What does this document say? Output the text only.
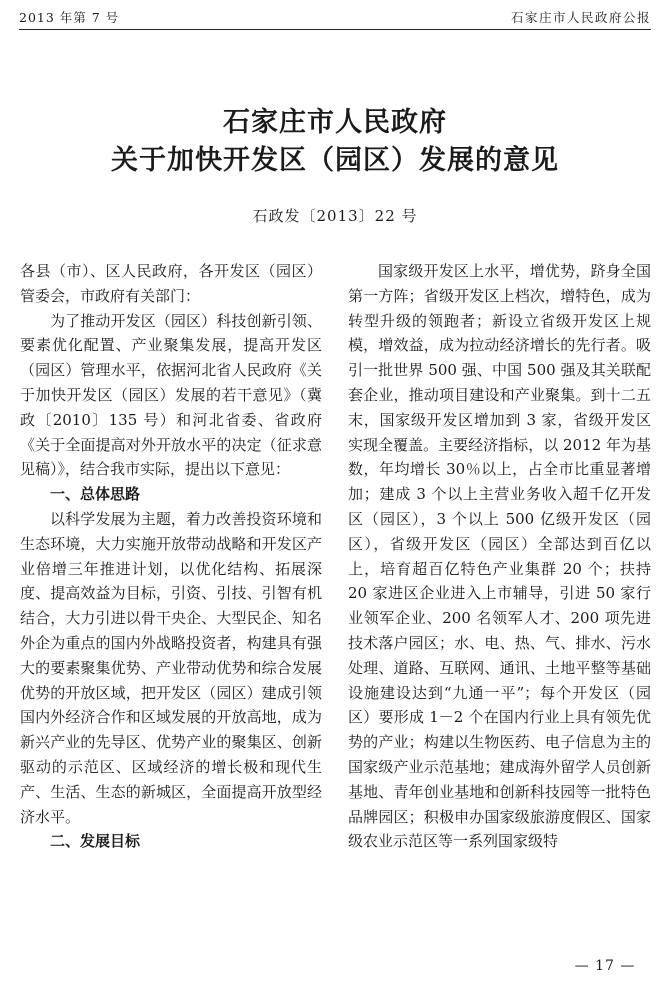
2013 年第 7 号	石家庄市人民政府公报
石家庄市人民政府
关于加快开发区（园区）发展的意见
石政发〔2013〕22 号

各县（市）、区人民政府，各开发区（园区）管委会，市政府有关部门：

为了推动开发区（园区）科技创新引领、要素优化配置、产业聚集发展，提高开发区（园区）管理水平，依据河北省人民政府《关于加快开发区（园区）发展的若干意见》（冀政〔2010〕135 号）和河北省委、省政府《关于全面提高对外开放水平的决定（征求意见稿）》，结合我市实际，提出以下意见：

一、总体思路

以科学发展为主题，着力改善投资环境和生态环境，大力实施开放带动战略和开发区产业倍增三年推进计划，以优化结构、拓展深度、提高效益为目标，引资、引技、引智有机结合，大力引进以骨干央企、大型民企、知名外企为重点的国内外战略投资者，构建具有强大的要素聚集优势、产业带动优势和综合发展优势的开放区域，把开发区（园区）建成引领国内外经济合作和区域发展的开放高地，成为新兴产业的先导区、优势产业的聚集区、创新驱动的示范区、区域经济的增长极和现代生产、生活、生态的新城区，全面提高开放型经济水平。

二、发展目标

国家级开发区上水平，增优势，跻身全国第一方阵；省级开发区上档次，增特色，成为转型升级的领跑者；新设立省级开发区上规模，增效益，成为拉动经济增长的先行者。吸引一批世界 500 强、中国 500 强及其关联配套企业，推动项目建设和产业聚集。到十二五末，国家级开发区增加到 3 家，省级开发区实现全覆盖。主要经济指标，以 2012 年为基数，年均增长 30％以上，占全市比重显著增加；建成 3 个以上主营业务收入超千亿开发区（园区），3 个以上 500 亿级开发区（园区），省级开发区（园区）全部达到百亿以上，培育超百亿特色产业集群 20 个；扶持 20 家进区企业进入上市辅导，引进 50 家行业领军企业、200 名领军人才、200 项先进技术落户园区；水、电、热、气、排水、污水处理、道路、互联网、通讯、土地平整等基础设施建设达到“九通一平”；每个开发区（园区）要形成 1－2 个在国内行业上具有领先优势的产业；构建以生物医药、电子信息为主的国家级产业示范基地；建成海外留学人员创新基地、青年创业基地和创新科技园等一批特色品牌园区；积极申办国家级旅游度假区、国家级农业示范区等一系列国家级特

— 17 —
